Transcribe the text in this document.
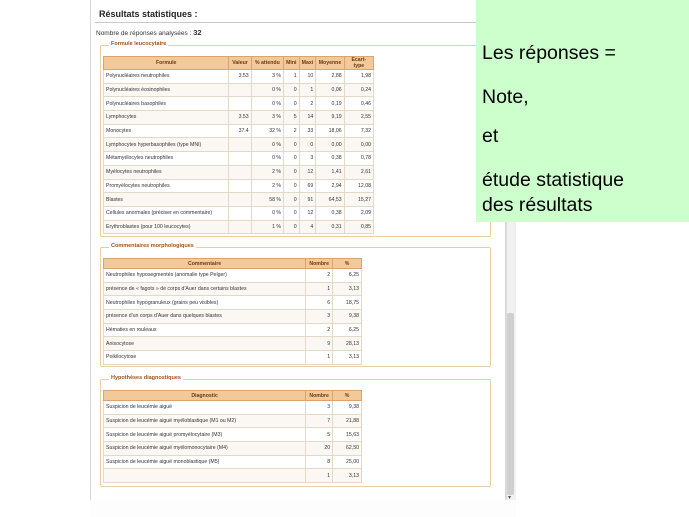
Résultats statistiques :
Nombre de réponses analysées : 32
Formule leucocytaire
Formule	Valeur	% attendu	Mini	Maxi	Moyenne	Ecart-type
Polynucléaires neutrophiles	3.53	3 %	1	10	2,88	1,98
Polynucléaires éosinophiles		0 %	0	1	0,06	0,24
Polynucléaires basophiles		0 %	0	2	0,19	0,46
Lymphocytes	3.53	3 %	5	14	9,19	2,55
Monocytes	37.4	32 %	2	33	18,06	7,32
Lymphocytes hyperbasophiles (type MNI)		0 %	0	0	0,00	0,00
Métamyélocytes neutrophiles		0 %	0	3	0,38	0,78
Myélocytes neutrophiles		2 %	0	12	1,41	2,61
Promyélocytes neutrophiles		2 %	0	69	2,94	12,08
Blastes		58 %	0	91	64,53	15,27
Cellules anormales (préciser en commentaire)		0 %	0	12	0,38	2,09
Erythroblastes (pour 100 leucocytes)		1 %	0	4	0,31	0,85
Commentaires morphologiques
Commentaire	Nombre	%
Neutrophiles hyposegmentés (anomalie type Pelger)	2	6,25
présence de « fagots » de corps d'Auer dans certains blastes	1	3,13
Neutrophiles hypogranuleux (grains peu visibles)	6	18,75
présence d'un corps d'Auer dans quelques blastes	3	9,38
Hématies en rouleaux	2	6,25
Anisocytose	9	28,13
Poikilocytose	1	3,13
Hypothèses diagnostiques
Diagnostic	Nombre	%
Suspicion de leucémie aiguë	3	9,38
Suspicion de leucémie aiguë myéloblastique (M1 ou M2)	7	21,88
Suspicion de leucémie aiguë promyélocytaire (M3)	5	15,63
Suspicion de leucémie aiguë myélomonocytaire (M4)	20	62,50
Suspicion de leucémie aiguë monoblastique (M5)	8	25,00
	1	3,13
▾

Les réponses =

Note,

et

étude statistique

des résultats
